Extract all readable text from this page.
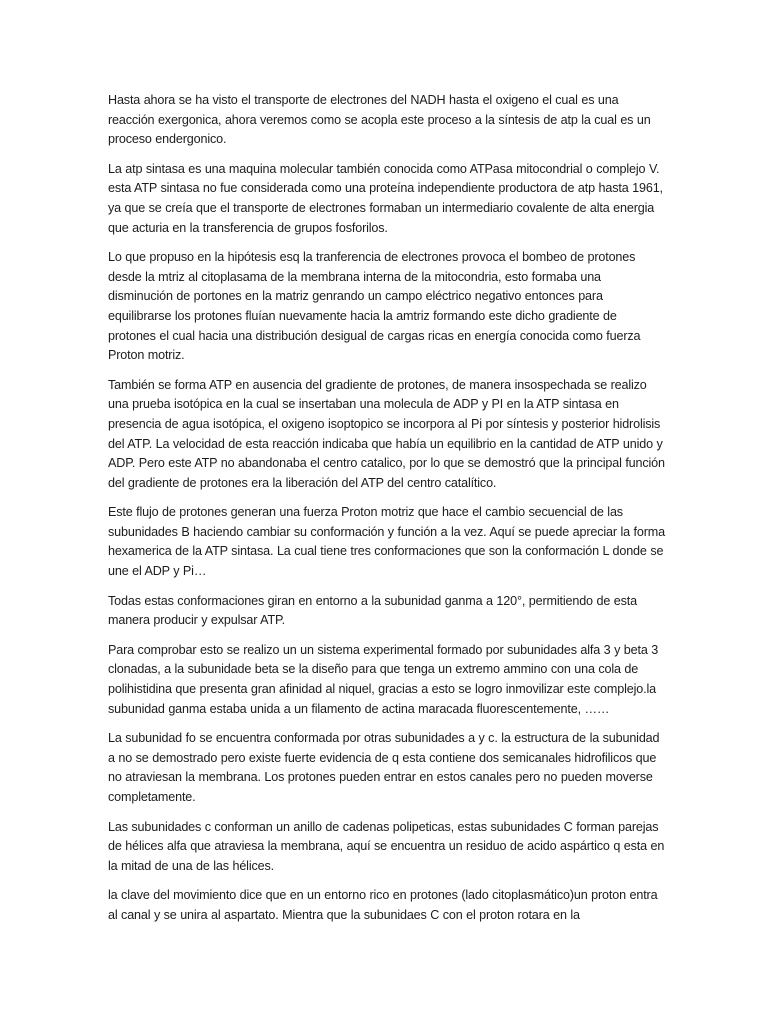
Hasta ahora se ha visto el transporte de electrones del NADH hasta el oxigeno el cual es una reacción exergonica, ahora veremos como se acopla este proceso a la síntesis de atp la cual es un proceso endergonico.

La atp sintasa es una maquina molecular también conocida como ATPasa mitocondrial o complejo V. esta ATP sintasa no fue considerada como una proteína independiente productora de atp hasta 1961, ya que se creía que el transporte de electrones formaban un intermediario covalente de alta energia que acturia en la transferencia de grupos fosforilos.

Lo que propuso en la hipótesis esq la tranferencia de electrones provoca el bombeo de protones desde la mtriz al citoplasama de la membrana interna de la mitocondria, esto formaba una disminución de portones en la matriz genrando un campo eléctrico negativo entonces para equilibrarse los protones fluían nuevamente hacia la amtriz formando este dicho gradiente de protones el cual hacia una distribución desigual de cargas ricas en energía conocida como fuerza Proton motriz.

También se forma ATP en ausencia del gradiente de protones, de manera insospechada se realizo una prueba isotópica en la cual se insertaban una molecula de ADP y PI en la ATP sintasa en presencia de agua isotópica, el oxigeno isoptopico se incorpora al Pi por síntesis y posterior hidrolisis del ATP. La velocidad de esta reacción indicaba que había un equilibrio en la cantidad de ATP unido y ADP. Pero este ATP no abandonaba el centro catalico, por lo que se demostró que la principal función del gradiente de protones era la liberación del ATP del centro catalítico.

Este flujo de protones generan una fuerza Proton motriz que hace el cambio secuencial de las subunidades B haciendo cambiar su conformación y función a la vez. Aquí se puede apreciar la forma hexamerica de la ATP sintasa. La cual tiene tres conformaciones que son la conformación L donde se une el ADP y Pi…

Todas estas conformaciones giran en entorno a la subunidad ganma a 120°, permitiendo de esta manera producir y expulsar ATP.

Para comprobar esto se realizo un un sistema experimental formado por subunidades alfa 3 y beta 3 clonadas, a la subunidade beta se la diseño para que tenga un extremo ammino con una cola de polihistidina que presenta gran afinidad al niquel, gracias a esto se logro inmovilizar este complejo.la subunidad ganma estaba unida a un filamento de actina maracada fluorescentemente, ……

La subunidad fo se encuentra conformada por otras subunidades a y c. la estructura de la subunidad a no se demostrado pero existe fuerte evidencia de q esta contiene dos semicanales hidrofilicos que no atraviesan la membrana. Los protones pueden entrar en estos canales pero no pueden moverse completamente.

Las subunidades c conforman un anillo de cadenas polipeticas, estas subunidades C forman parejas de hélices alfa que atraviesa la membrana, aquí se encuentra un residuo de acido aspártico q esta en la mitad de una de las hélices.

la clave del movimiento dice que en un entorno rico en protones (lado citoplasmático)un proton entra al canal y se unira al aspartato. Mientra que la subunidaes C con el proton rotara en la
